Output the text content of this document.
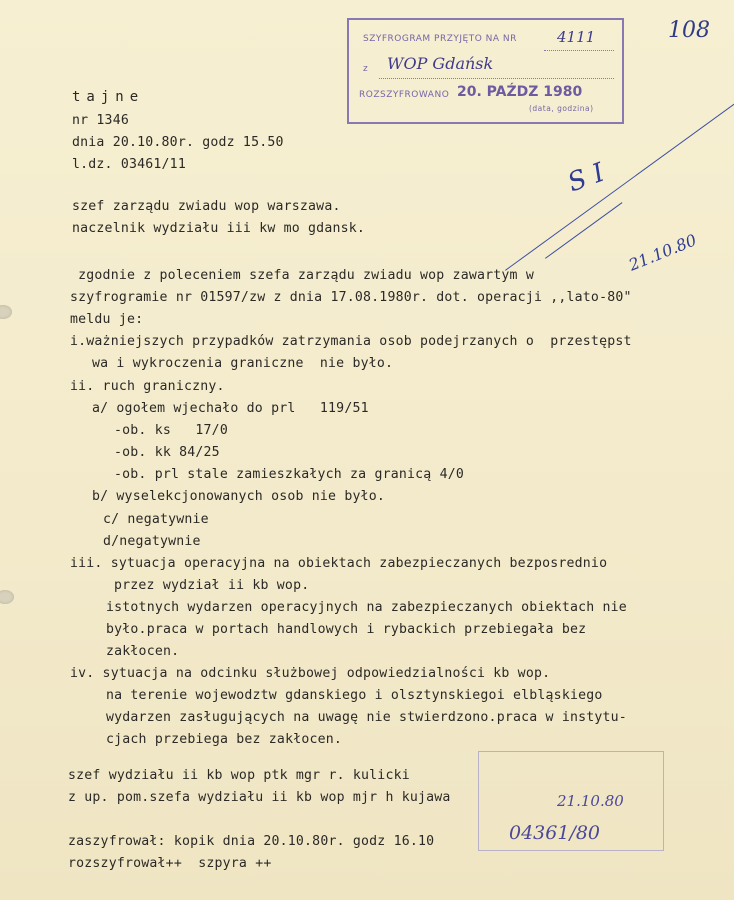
SZYFROGRAM PRZYJĘTO NA NR	4111
z WOP Gdańsk
ROZSZYFROWANO 20. PAŹDZ 1980
(data, godzina)
108
tajne
nr 1346
dnia 20.10.80r. godz 15.50
l.dz. 03461/11
szef zarządu zwiadu wop warszawa.
naczelnik wydziału iii kw mo gdansk.
S I
21.10.80
zgodnie z poleceniem szefa zarządu zwiadu wop zawartym w
szyfrogramie nr 01597/zw z dnia 17.08.1980r. dot. operacji ,,lato-80"
meldu je:
i.ważniejszych przypadków zatrzymania osob podejrzanych o  przestępst
wa i wykroczenia graniczne  nie było.
ii. ruch graniczny.
a/ ogołem wjechało do prl   119/51
-ob. ks   17/0
-ob. kk 84/25
-ob. prl stale zamieszkałych za granicą 4/0
b/ wyselekcjonowanych osob nie było.
c/ negatywnie
d/negatywnie
iii. sytuacja operacyjna na obiektach zabezpieczanych bezposrednio
przez wydział ii kb wop.
istotnych wydarzen operacyjnych na zabezpieczanych obiektach nie
było.praca w portach handlowych i rybackich przebiegała bez
zakłocen.
iv. sytuacja na odcinku służbowej odpowiedzialności kb wop.
na terenie wojewodztw gdanskiego i olsztynskiegoi elbląskiego
wydarzen zasługujących na uwagę nie stwierdzono.praca w instytu-
cjach przebiega bez zakłocen.
szef wydziału ii kb wop ptk mgr r. kulicki
z up. pom.szefa wydziału ii kb wop mjr h kujawa	21.10.80
04361/80
zaszyfrował: kopik dnia 20.10.80r. godz 16.10
rozszyfrował++  szpyra ++
